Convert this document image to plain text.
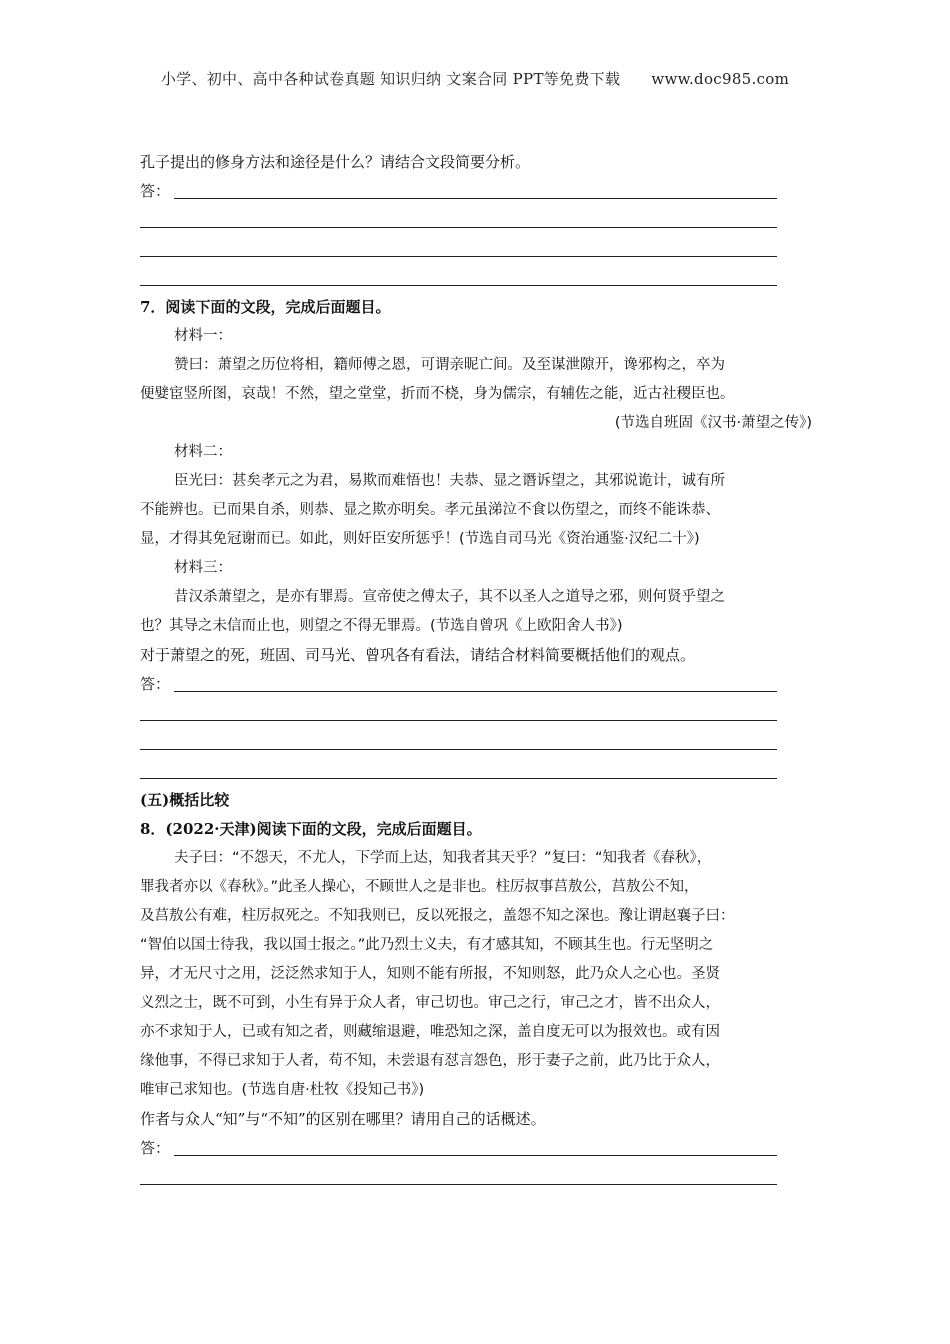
小学、初中、高中各种试卷真题 知识归纳 文案合同 PPT等免费下载 www.doc985.com
孔子提出的修身方法和途径是什么？请结合文段简要分析。
答：
7．阅读下面的文段，完成后面题目。
材料一：
赞曰：萧望之历位将相，籍师傅之恩，可谓亲昵亡间。及至谋泄隙开，谗邪构之，卒为
便嬖宦竖所图，哀哉！不然，望之堂堂，折而不桡，身为儒宗，有辅佐之能，近古社稷臣也。
(节选自班固《汉书·萧望之传》)
材料二：
臣光曰：甚矣孝元之为君，易欺而难悟也！夫恭、显之谮诉望之，其邪说诡计，诚有所
不能辨也。已而果自杀，则恭、显之欺亦明矣。孝元虽涕泣不食以伤望之，而终不能诛恭、
显，才得其免冠谢而已。如此，则奸臣安所惩乎！(节选自司马光《资治通鉴·汉纪二十》)
材料三：
昔汉杀萧望之，是亦有罪焉。宣帝使之傅太子，其不以圣人之道导之邪，则何贤乎望之
也？其导之未信而止也，则望之不得无罪焉。(节选自曾巩《上欧阳舍人书》)
对于萧望之的死，班固、司马光、曾巩各有看法，请结合材料简要概括他们的观点。
答：
(五)概括比较
8．(2022·天津)阅读下面的文段，完成后面题目。
夫子曰：“不怨天，不尤人，下学而上达，知我者其天乎？”复曰：“知我者《春秋》，
罪我者亦以《春秋》。”此圣人操心，不顾世人之是非也。柱厉叔事莒敖公，莒敖公不知，
及莒敖公有难，柱厉叔死之。不知我则已，反以死报之，盖怨不知之深也。豫让谓赵襄子曰：
“智伯以国士待我，我以国士报之。”此乃烈士义夫，有才感其知，不顾其生也。行无坚明之
异，才无尺寸之用，泛泛然求知于人，知则不能有所报，不知则怒，此乃众人之心也。圣贤
义烈之士，既不可到，小生有异于众人者，审己切也。审己之行，审己之才，皆不出众人，
亦不求知于人，已或有知之者，则藏缩退避，唯恐知之深，盖自度无可以为报效也。或有因
缘他事，不得已求知于人者，苟不知，未尝退有怼言怨色，形于妻子之前，此乃比于众人，
唯审己求知也。(节选自唐·杜牧《投知己书》)
作者与众人“知”与“不知”的区别在哪里？请用自己的话概述。
答：
